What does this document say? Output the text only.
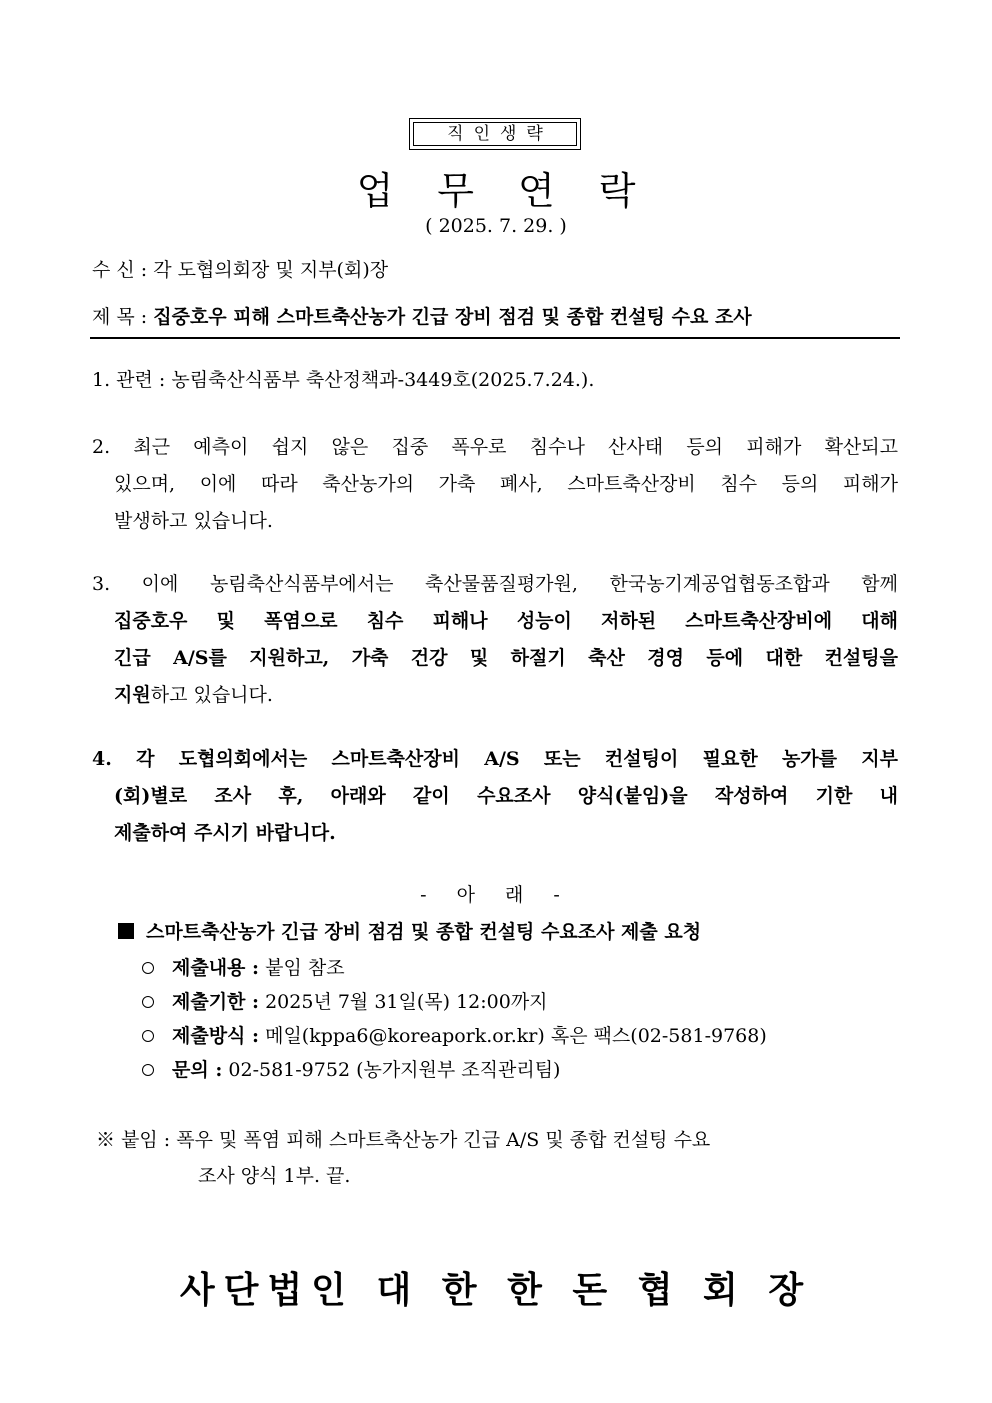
직인생략
업무연락
( 2025. 7. 29. )
수 신 : 각 도협의회장 및 지부(회)장
제 목 : 집중호우 피해 스마트축산농가 긴급 장비 점검 및 종합 컨설팅 수요 조사
1. 관련 : 농림축산식품부 축산정책과-3449호(2025.7.24.).
2. 최근 예측이 쉽지 않은 집중 폭우로 침수나 산사태 등의 피해가 확산되고
있으며, 이에 따라 축산농가의 가축 폐사, 스마트축산장비 침수 등의 피해가
발생하고 있습니다.
3. 이에 농림축산식품부에서는 축산물품질평가원, 한국농기계공업협동조합과 함께
집중호우 및 폭염으로 침수 피해나 성능이 저하된 스마트축산장비에 대해
긴급 A/S를 지원하고, 가축 건강 및 하절기 축산 경영 등에 대한 컨설팅을
지원하고 있습니다.
4. 각 도협의회에서는 스마트축산장비 A/S 또는 컨설팅이 필요한 농가를 지부
(회)별로 조사 후, 아래와 같이 수요조사 양식(붙임)을 작성하여 기한 내
제출하여 주시기 바랍니다.
- 아 래 -
스마트축산농가 긴급 장비 점검 및 종합 컨설팅 수요조사 제출 요청
제출내용 : 붙임 참조
제출기한 : 2025년 7월 31일(목) 12:00까지
제출방식 : 메일(kppa6@koreapork.or.kr) 혹은 팩스(02-581-9768)
문의 : 02-581-9752 (농가지원부 조직관리팀)
※ 붙임 : 폭우 및 폭염 피해 스마트축산농가 긴급 A/S 및 종합 컨설팅 수요
조사 양식 1부. 끝.
사단법인 대 한 한 돈 협 회 장
